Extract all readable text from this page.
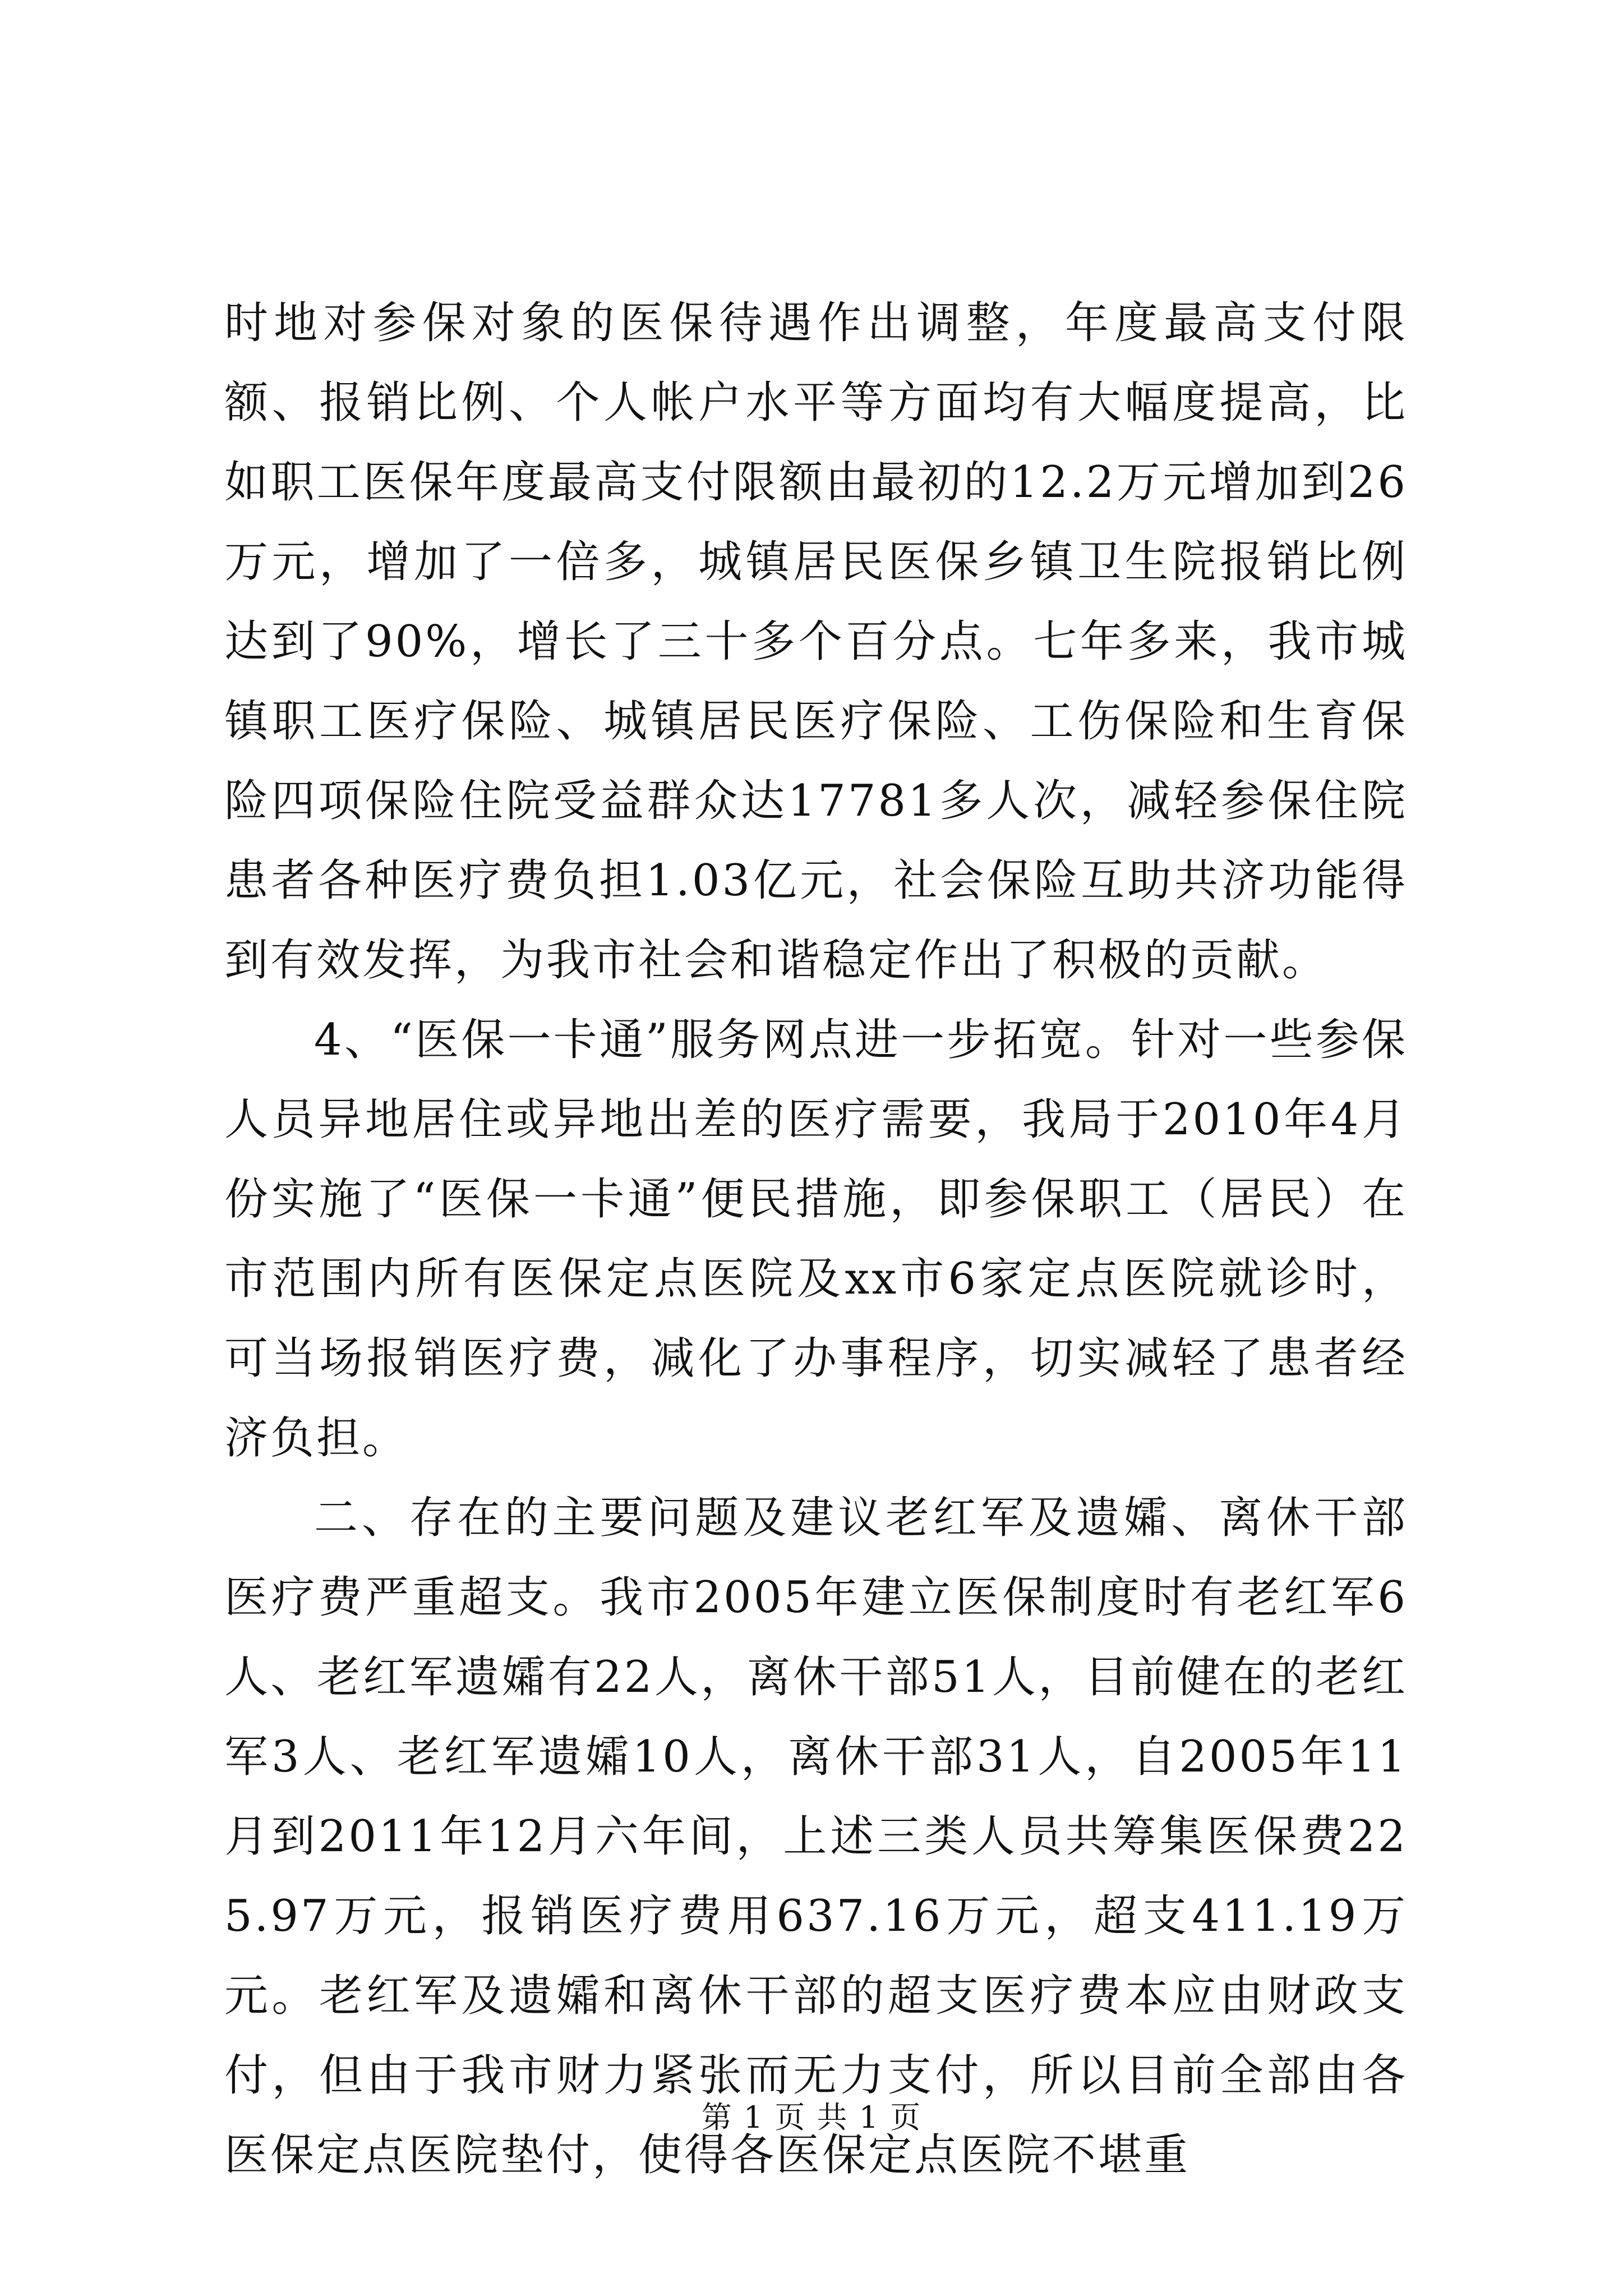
时地对参保对象的医保待遇作出调整，年度最高支付限额、报销比例、个人帐户水平等方面均有大幅度提高，比如职工医保年度最高支付限额由最初的12.2万元增加到26万元，增加了一倍多，城镇居民医保乡镇卫生院报销比例达到了90%，增长了三十多个百分点。七年多来，我市城镇职工医疗保险、城镇居民医疗保险、工伤保险和生育保险四项保险住院受益群众达17781多人次，减轻参保住院患者各种医疗费负担1.03亿元，社会保险互助共济功能得到有效发挥，为我市社会和谐稳定作出了积极的贡献。

4、“医保一卡通”服务网点进一步拓宽。针对一些参保人员异地居住或异地出差的医疗需要，我局于2010年4月份实施了“医保一卡通”便民措施，即参保职工（居民）在市范围内所有医保定点医院及xx市6家定点医院就诊时，可当场报销医疗费，减化了办事程序，切实减轻了患者经济负担。

二、存在的主要问题及建议老红军及遗孀、离休干部医疗费严重超支。我市2005年建立医保制度时有老红军6人、老红军遗孀有22人，离休干部51人，目前健在的老红军3人、老红军遗孀10人，离休干部31人，自2005年11月到2011年12月六年间，上述三类人员共筹集医保费225.97万元，报销医疗费用637.16万元，超支411.19万元。老红军及遗孀和离休干部的超支医疗费本应由财政支付，但由于我市财力紧张而无力支付，所以目前全部由各医保定点医院垫付，使得各医保定点医院不堪重

第 1 页 共 1 页
